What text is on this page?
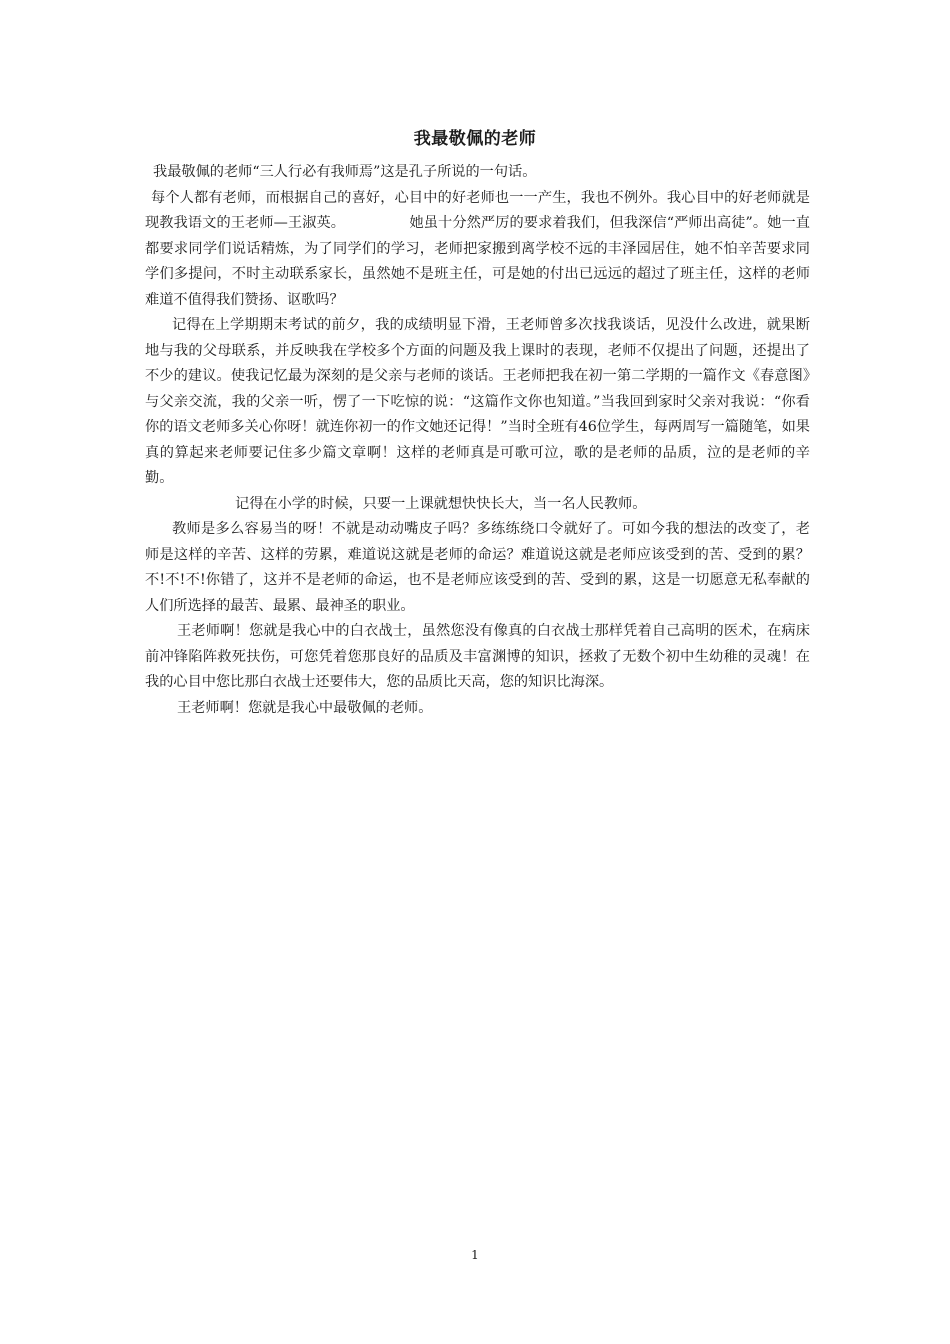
我最敬佩的老师

我最敬佩的老师“三人行必有我师焉”这是孔子所说的一句话。

每个人都有老师，而根据自己的喜好，心目中的好老师也一一产生，我也不例外。我心目中的好老师就是现教我语文的王老师—王淑英。　　　　　她虽十分然严厉的要求着我们，但我深信“严师出高徒”。她一直都要求同学们说话精炼，为了同学们的学习，老师把家搬到离学校不远的丰泽园居住，她不怕辛苦要求同学们多提问，不时主动联系家长，虽然她不是班主任，可是她的付出已远远的超过了班主任，这样的老师难道不值得我们赞扬、讴歌吗？

记得在上学期期末考试的前夕，我的成绩明显下滑，王老师曾多次找我谈话，见没什么改进，就果断地与我的父母联系，并反映我在学校多个方面的问题及我上课时的表现，老师不仅提出了问题，还提出了不少的建议。使我记忆最为深刻的是父亲与老师的谈话。王老师把我在初一第二学期的一篇作文《春意图》与父亲交流，我的父亲一听，愣了一下吃惊的说：“这篇作文你也知道。”当我回到家时父亲对我说：“你看你的语文老师多关心你呀！就连你初一的作文她还记得！”当时全班有46位学生，每两周写一篇随笔，如果真的算起来老师要记住多少篇文章啊！这样的老师真是可歌可泣，歌的是老师的品质，泣的是老师的辛勤。

记得在小学的时候，只要一上课就想快快长大，当一名人民教师。

教师是多么容易当的呀！不就是动动嘴皮子吗？多练练绕口令就好了。可如今我的想法的改变了，老师是这样的辛苦、这样的劳累，难道说这就是老师的命运？难道说这就是老师应该受到的苦、受到的累？不!不!不!你错了，这并不是老师的命运，也不是老师应该受到的苦、受到的累，这是一切愿意无私奉献的人们所选择的最苦、最累、最神圣的职业。

王老师啊！您就是我心中的白衣战士，虽然您没有像真的白衣战士那样凭着自己高明的医术，在病床前冲锋陷阵救死扶伤，可您凭着您那良好的品质及丰富渊博的知识，拯救了无数个初中生幼稚的灵魂！在我的心目中您比那白衣战士还要伟大，您的品质比天高，您的知识比海深。

王老师啊！您就是我心中最敬佩的老师。

1
